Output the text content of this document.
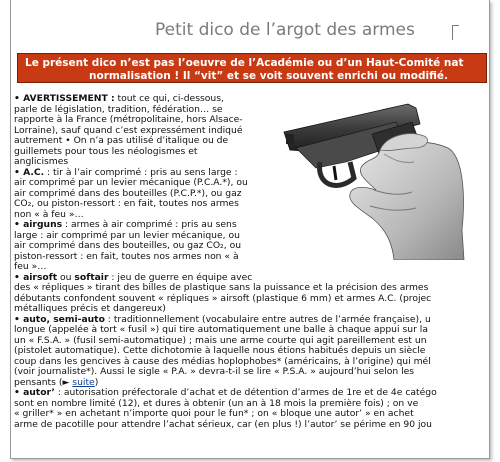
Petit dico de l’argot des armes
Le présent dico n’est pas l’oeuvre de l’Académie ou d’un Haut-Comité nat
normalisation ! Il “vit” et se voit souvent enrichi ou modifié.
• AVERTISSEMENT : tout ce qui, ci-dessous,
parle de législation, tradition, fédération… se
rapporte à la France (métropolitaine, hors Alsace-
Lorraine), sauf quand c’est expressément indiqué
autrement • On n’a pas utilisé d’italique ou de
guillemets pour tous les néologismes et
anglicismes
• A.C. : tir à l’air comprimé : pris au sens large :
air comprimé par un levier mécanique (P.C.A.*), ou
air comprimé dans des bouteilles (P.C.P.*), ou gaz
CO₂, ou piston-ressort : en fait, toutes nos armes
non « à feu »…
• airguns : armes à air comprimé : pris au sens
large : air comprimé par un levier mécanique, ou
air comprimé dans des bouteilles, ou gaz CO₂, ou
piston-ressort : en fait, toutes nos armes non « à
feu »…
• airsoft ou softair : jeu de guerre en équipe avec
des « répliques » tirant des billes de plastique sans la puissance et la précision des armes
débutants confondent souvent « répliques » airsoft (plastique 6 mm) et armes A.C. (projec
métalliques précis et dangereux)
• auto, semi-auto : traditionnellement (vocabulaire entre autres de l’armée française), u
longue (appelée à tort « fusil ») qui tire automatiquement une balle à chaque appui sur la
un « F.S.A. » (fusil semi-automatique) ; mais une arme courte qui agit pareillement est un
(pistolet automatique). Cette dichotomie à laquelle nous étions habitués depuis un siècle
coup dans les gencives à cause des médias hoplophobes* (américains, à l’origine) qui mél
(voir journaliste*). Aussi le sigle « P.A. » devra-t-il se lire « P.S.A. » aujourd’hui selon les
pensants (► suite)
• autor’ : autorisation préfectorale d’achat et de détention d’armes de 1re et de 4e catégo
sont en nombre limité (12), et dures à obtenir (un an à 18 mois la première fois) ; on ve
« griller* » en achetant n’importe quoi pour le fun* ; on « bloque une autor’ » en achet
arme de pacotille pour attendre l’achat sérieux, car (en plus !) l’autor’ se périme en 90 jou
